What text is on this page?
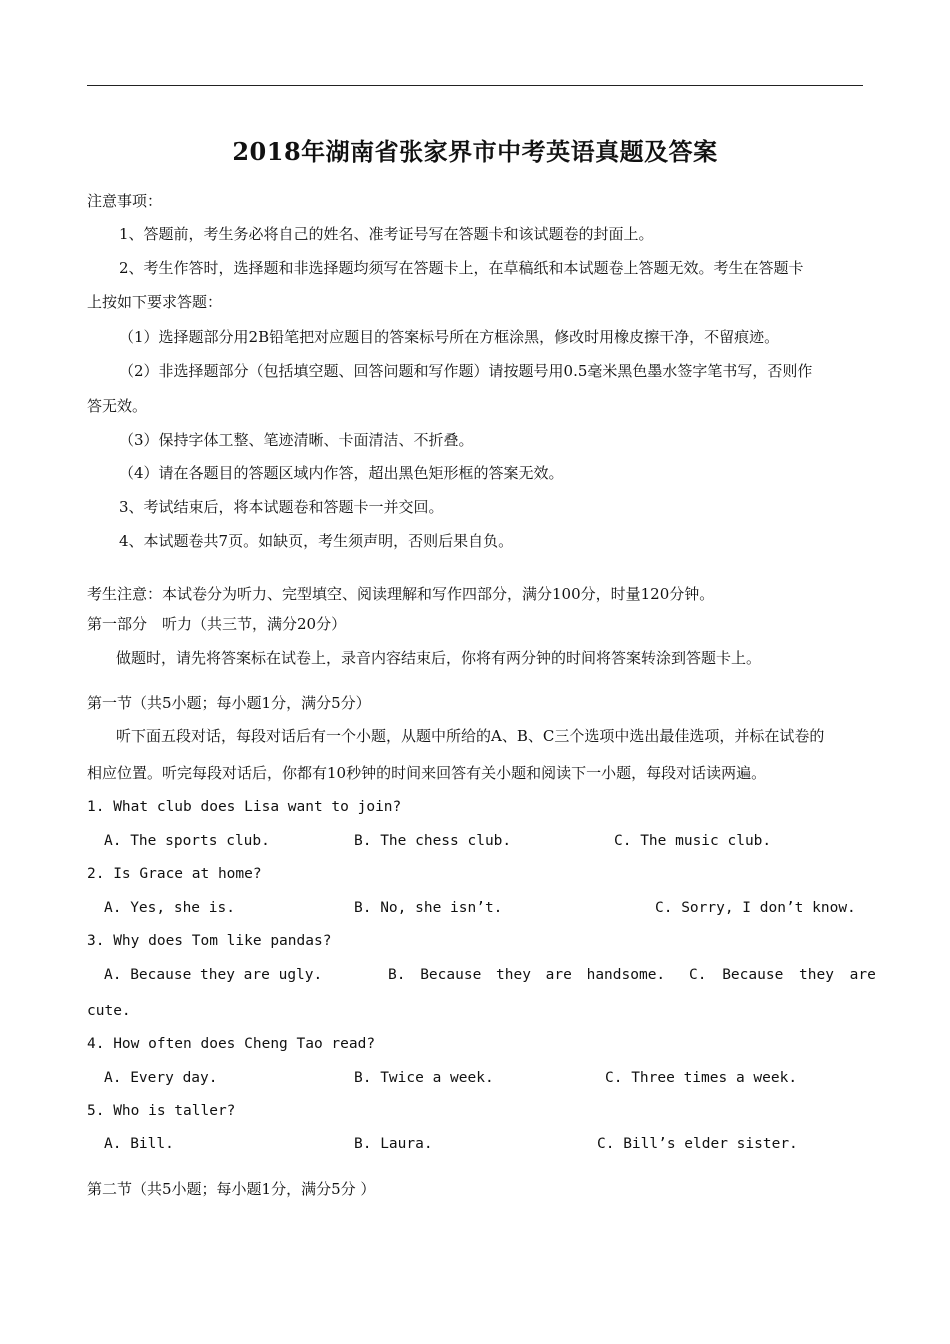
2018年湖南省张家界市中考英语真题及答案
注意事项：
1、答题前，考生务必将自己的姓名、准考证号写在答题卡和该试题卷的封面上。
2、考生作答时，选择题和非选择题均须写在答题卡上，在草稿纸和本试题卷上答题无效。考生在答题卡
上按如下要求答题：
（1）选择题部分用2B铅笔把对应题目的答案标号所在方框涂黑，修改时用橡皮擦干净，不留痕迹。
（2）非选择题部分（包括填空题、回答问题和写作题）请按题号用0.5毫米黑色墨水签字笔书写，否则作
答无效。
（3）保持字体工整、笔迹清晰、卡面清洁、不折叠。
（4）请在各题目的答题区域内作答，超出黑色矩形框的答案无效。
3、考试结束后，将本试题卷和答题卡一并交回。
4、本试题卷共7页。如缺页，考生须声明，否则后果自负。
考生注意：本试卷分为听力、完型填空、阅读理解和写作四部分，满分100分，时量120分钟。
第一部分　听力（共三节，满分20分）
做题时，请先将答案标在试卷上，录音内容结束后，你将有两分钟的时间将答案转涂到答题卡上。
第一节（共5小题；每小题1分，满分5分）
听下面五段对话，每段对话后有一个小题，从题中所给的A、B、C三个选项中选出最佳选项，并标在试卷的
相应位置。听完每段对话后，你都有10秒钟的时间来回答有关小题和阅读下一小题，每段对话读两遍。
1. What club does Lisa want to join?
A. The sports club.	B. The chess club.	C. The music club.
2. Is Grace at home?
A. Yes, she is.	B. No, she isn’t.	C. Sorry, I don’t know.
3. Why does Tom like pandas?
A. Because they are ugly.	B. Because they are handsome. C. Because they are
cute.
4. How often does Cheng Tao read?
A. Every day.	B. Twice a week.	C. Three times a week.
5. Who is taller?
A. Bill.	B. Laura.	C. Bill’s elder sister.
第二节（共5小题；每小题1分，满分5分 ）
